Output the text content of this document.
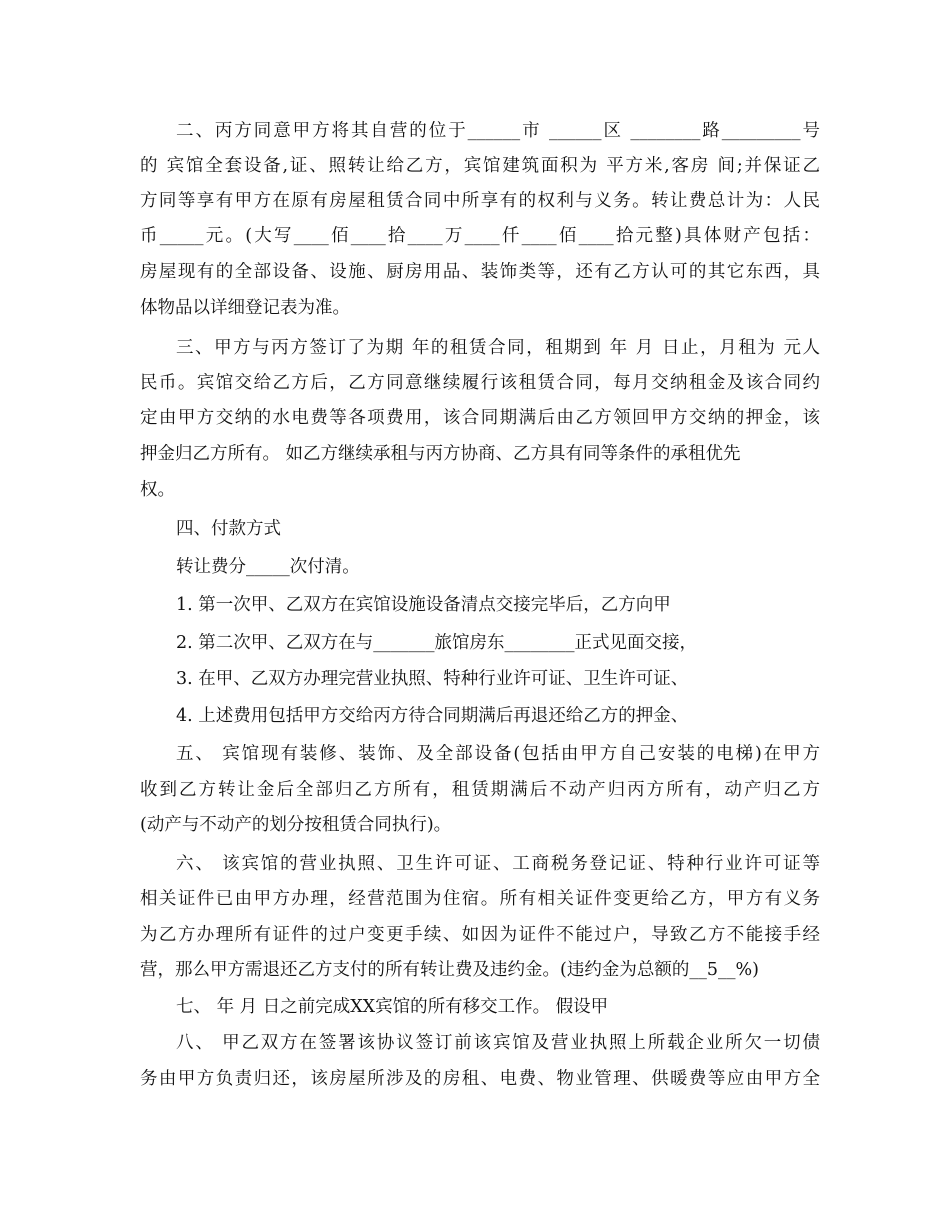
二、丙方同意甲方将其自营的位于______市 ______区 ________路_________号
的 宾馆全套设备,证、照转让给乙方，宾馆建筑面积为 平方米,客房 间;并保证乙
方同等享有甲方在原有房屋租赁合同中所享有的权利与义务。转让费总计为：人民
币_____元。(大写____佰____拾____万____仟____佰____拾元整)具体财产包括：
房屋现有的全部设备、设施、厨房用品、装饰类等，还有乙方认可的其它东西，具
体物品以详细登记表为准。
三、甲方与丙方签订了为期 年的租赁合同，租期到 年 月 日止，月租为 元人
民币。宾馆交给乙方后，乙方同意继续履行该租赁合同，每月交纳租金及该合同约
定由甲方交纳的水电费等各项费用，该合同期满后由乙方领回甲方交纳的押金，该
押金归乙方所有。 如乙方继续承租与丙方协商、乙方具有同等条件的承租优先
权。
四、付款方式
转让费分_____次付清。
1. 第一次甲、乙双方在宾馆设施设备清点交接完毕后，乙方向甲
2. 第二次甲、乙双方在与_______旅馆房东________正式见面交接，
3. 在甲、乙双方办理完营业执照、特种行业许可证、卫生许可证、
4. 上述费用包括甲方交给丙方待合同期满后再退还给乙方的押金、
五、 宾馆现有装修、装饰、及全部设备(包括由甲方自己安装的电梯)在甲方
收到乙方转让金后全部归乙方所有，租赁期满后不动产归丙方所有，动产归乙方
(动产与不动产的划分按租赁合同执行)。
六、 该宾馆的营业执照、卫生许可证、工商税务登记证、特种行业许可证等
相关证件已由甲方办理，经营范围为住宿。所有相关证件变更给乙方，甲方有义务
为乙方办理所有证件的过户变更手续、如因为证件不能过户，导致乙方不能接手经
营，那么甲方需退还乙方支付的所有转让费及违约金。(违约金为总额的__5__%)
七、 年 月 日之前完成XX宾馆的所有移交工作。 假设甲
八、 甲乙双方在签署该协议签订前该宾馆及营业执照上所载企业所欠一切债
务由甲方负责归还，该房屋所涉及的房租、电费、物业管理、供暖费等应由甲方全
